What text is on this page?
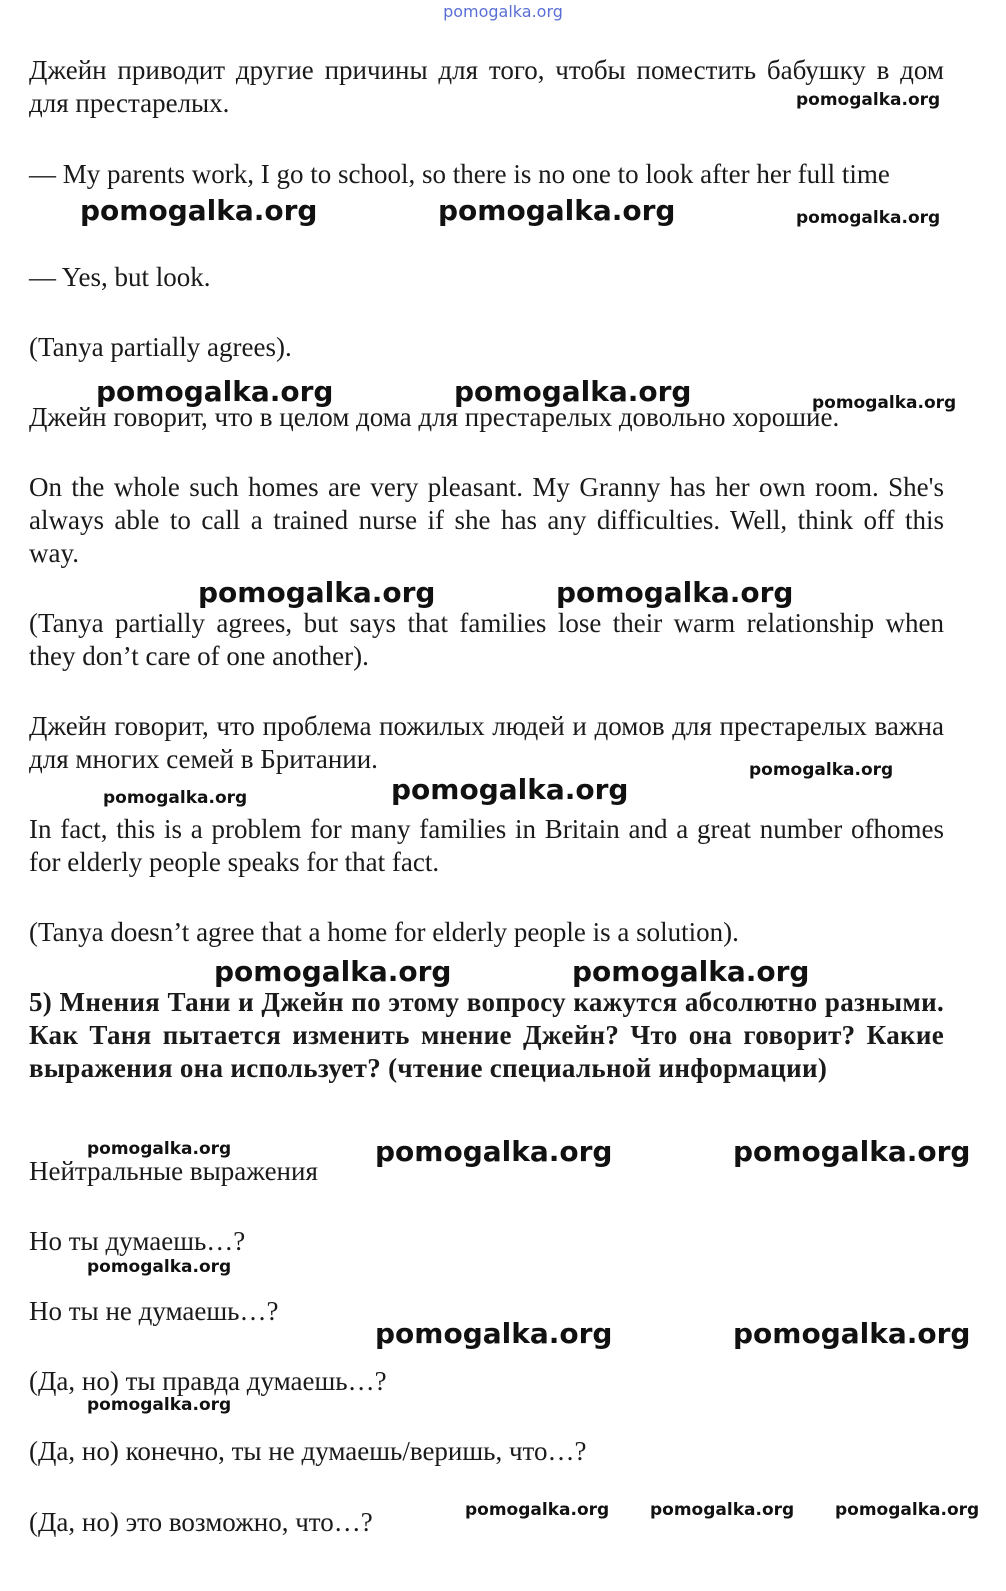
pomogalka.org

Джейн приводит другие причины для того, чтобы поместить бабушку в дом для престарелых.

— My parents work, I go to school, so there is no one to look after her full time

— Yes, but look.

(Tanya partially agrees).

Джейн говорит, что в целом дома для престарелых довольно хорошие.

On the whole such homes are very pleasant. My Granny has her own room. She's always able to call a trained nurse if she has any difficulties. Well, think off this way.

(Tanya partially agrees, but says that families lose their warm relationship when they don’t care of one another).

Джейн говорит, что проблема пожилых людей и домов для престарелых важна для многих семей в Британии.

In fact, this is a problem for many families in Britain and a great number ofhomes for elderly people speaks for that fact.

(Tanya doesn’t agree that a home for elderly people is a solution).

5) Мнения Тани и Джейн по этому вопросу кажутся абсолютно разными. Как Таня пытается изменить мнение Джейн? Что она говорит? Какие выражения она использует? (чтение специальной информации)

Нейтральные выражения

Но ты думаешь…?

Но ты не думаешь…?

(Да, но) ты правда думаешь…?

(Да, но) конечно, ты не думаешь/веришь, что…?

(Да, но) это возможно, что…?

pomogalka.org
pomogalka.org	pomogalka.org	pomogalka.org
pomogalka.org	pomogalka.org	pomogalka.org
pomogalka.org	pomogalka.org
pomogalka.org
pomogalka.org	pomogalka.org
pomogalka.org	pomogalka.org
pomogalka.org	pomogalka.org	pomogalka.org
pomogalka.org
pomogalka.org	pomogalka.org
pomogalka.org
pomogalka.org pomogalka.org pomogalka.org
